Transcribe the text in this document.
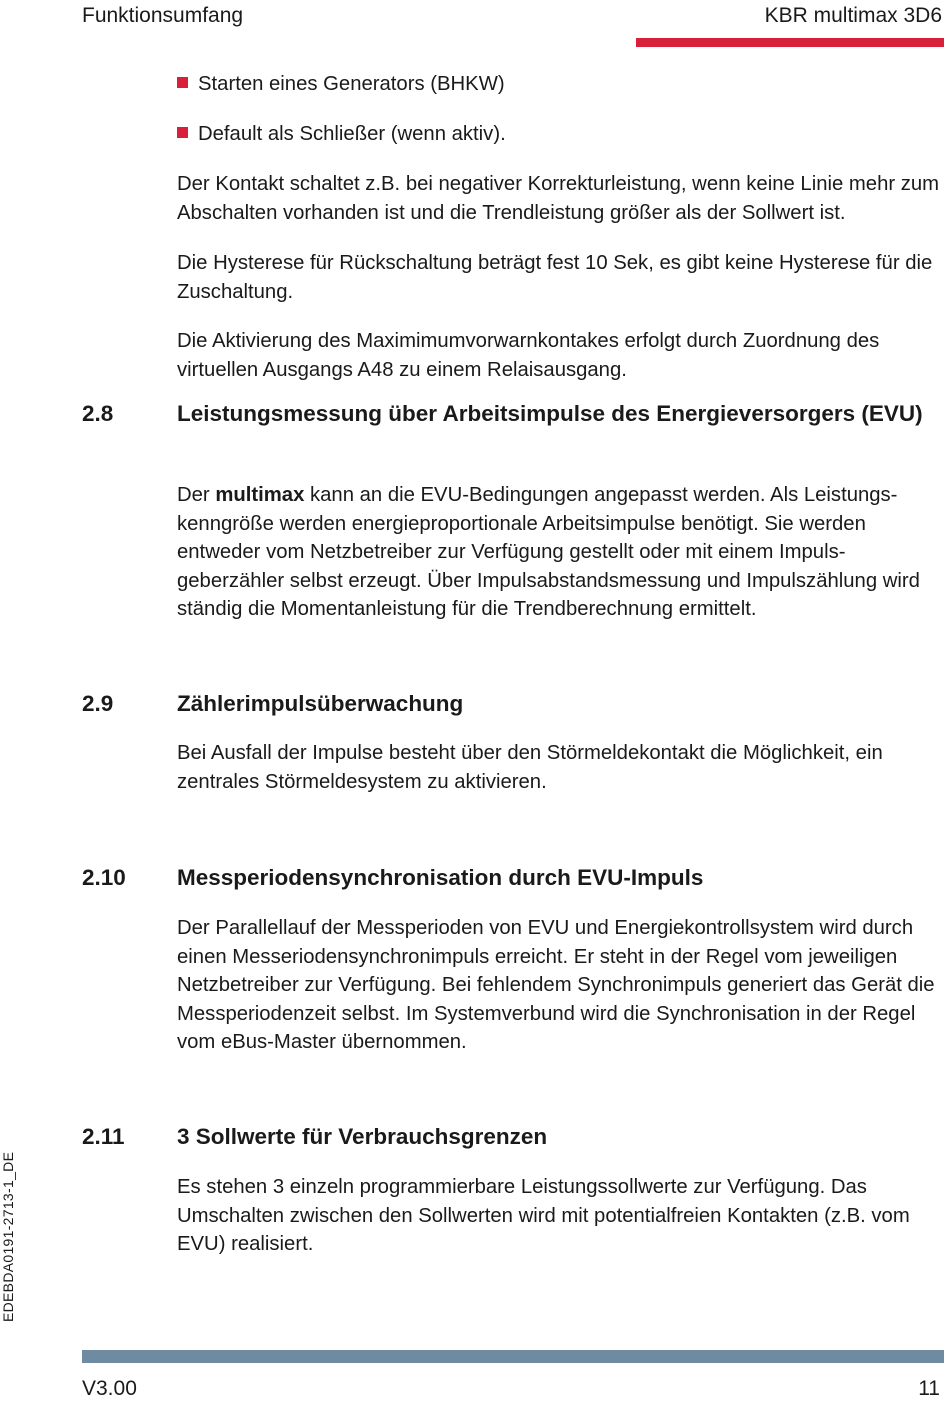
Funktionsumfang	KBR multimax 3D6
Starten eines Generators (BHKW)
Default als Schließer (wenn aktiv).
Der Kontakt schaltet z.B. bei negativer Korrekturleistung, wenn keine Linie mehr zum Abschalten vorhanden ist und die Trendleistung größer als der Sollwert ist.
Die Hysterese für Rückschaltung beträgt fest 10 Sek, es gibt keine Hysterese für die Zuschaltung.
Die Aktivierung des Maximimumvorwarnkontakes erfolgt durch Zuordnung des virtuellen Ausgangs A48 zu einem Relaisausgang.
2.8	Leistungsmessung über Arbeitsimpulse des Energieversorgers (EVU)
Der multimax kann an die EVU-Bedingungen angepasst werden. Als Leistungs-kenngröße werden energieproportionale Arbeitsimpulse benötigt. Sie werden entweder vom Netzbetreiber zur Verfügung gestellt oder mit einem Impuls-geberzähler selbst erzeugt. Über Impulsabstandsmessung und Impulszählung wird ständig die Momentanleistung für die Trendberechnung ermittelt.
2.9	Zählerimpulsüberwachung
Bei Ausfall der Impulse besteht über den Störmeldekontakt die Möglichkeit, ein zentrales Störmeldesystem zu aktivieren.
2.10 Messperiodensynchronisation durch EVU-Impuls
Der Parallellauf der Messperioden von EVU und Energiekontrollsystem wird durch einen Messeriodensynchronimpuls erreicht. Er steht in der Regel vom jeweiligen Netzbetreiber zur Verfügung. Bei fehlendem Synchronimpuls generiert das Gerät die Messperiodenzeit selbst. Im Systemverbund wird die Synchronisation in der Regel vom eBus-Master übernommen.
2.11 3 Sollwerte für Verbrauchsgrenzen
Es stehen 3 einzeln programmierbare Leistungssollwerte zur Verfügung. Das Umschalten zwischen den Sollwerten wird mit potentialfreien Kontakten (z.B. vom EVU) realisiert.
EDEBDA0191-2713-1_DE
V3.00	11
